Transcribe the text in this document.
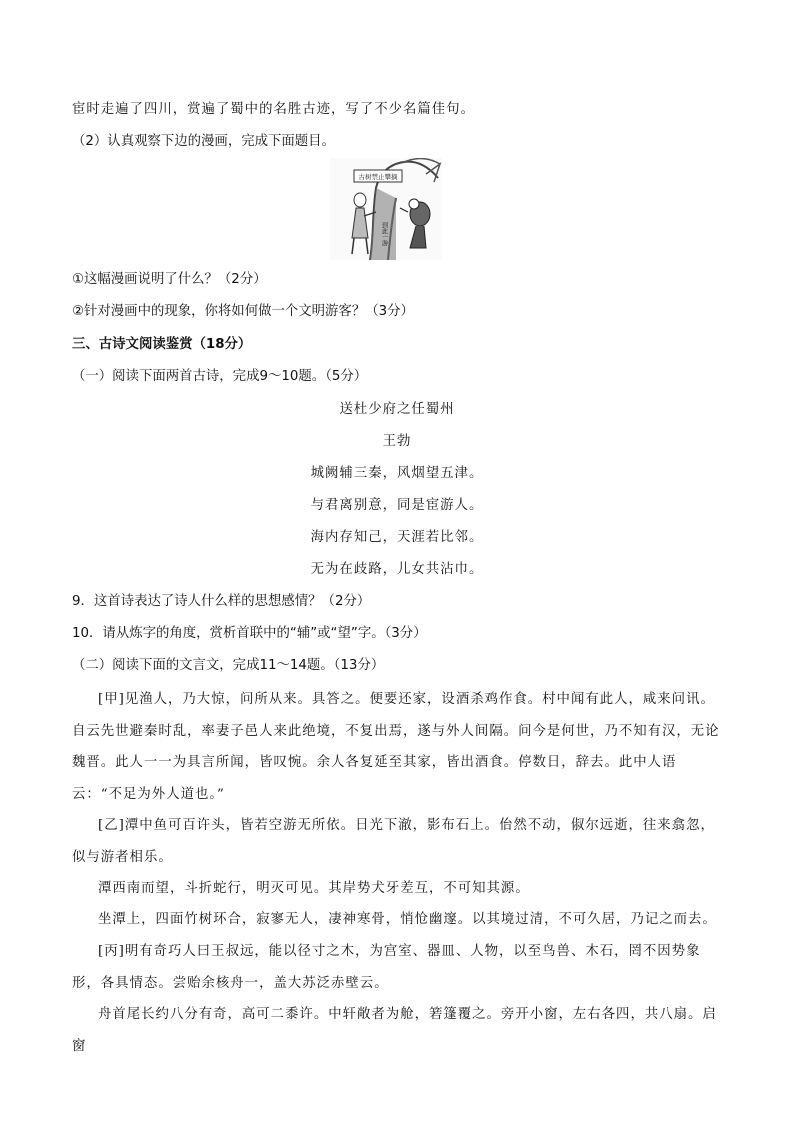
宦时走遍了四川，赏遍了蜀中的名胜古迹，写了不少名篇佳句。
（2）认真观察下边的漫画，完成下面题目。
古树禁止攀摘
到此一游
①这幅漫画说明了什么？（2分）
②针对漫画中的现象，你将如何做一个文明游客？（3分）
三、古诗文阅读鉴赏（18分）
（一）阅读下面两首古诗，完成9～10题。（5分）
送杜少府之任蜀州
王勃
城阙辅三秦，风烟望五津。
与君离别意，同是宦游人。
海内存知己，天涯若比邻。
无为在歧路，儿女共沾巾。
9．这首诗表达了诗人什么样的思想感情？（2分）
10．请从炼字的角度，赏析首联中的“辅”或“望”字。（3分）
（二）阅读下面的文言文，完成11～14题。（13分）
[甲]见渔人，乃大惊，问所从来。具答之。便要还家，设酒杀鸡作食。村中闻有此人，咸来问讯。自云先世避秦时乱，率妻子邑人来此绝境，不复出焉，遂与外人间隔。问今是何世，乃不知有汉，无论魏晋。此人一一为具言所闻，皆叹惋。余人各复延至其家，皆出酒食。停数日，辞去。此中人语云：“不足为外人道也。”
[乙]潭中鱼可百许头，皆若空游无所依。日光下澈，影布石上。佁然不动，俶尔远逝，往来翕忽，似与游者相乐。
潭西南而望，斗折蛇行，明灭可见。其岸势犬牙差互，不可知其源。
坐潭上，四面竹树环合，寂寥无人，凄神寒骨，悄怆幽邃。以其境过清，不可久居，乃记之而去。
[丙]明有奇巧人曰王叔远，能以径寸之木，为宫室、器皿、人物，以至鸟兽、木石，罔不因势象形，各具情态。尝贻余核舟一，盖大苏泛赤壁云。
舟首尾长约八分有奇，高可二黍许。中轩敞者为舱，箬篷覆之。旁开小窗，左右各四，共八扇。启窗
